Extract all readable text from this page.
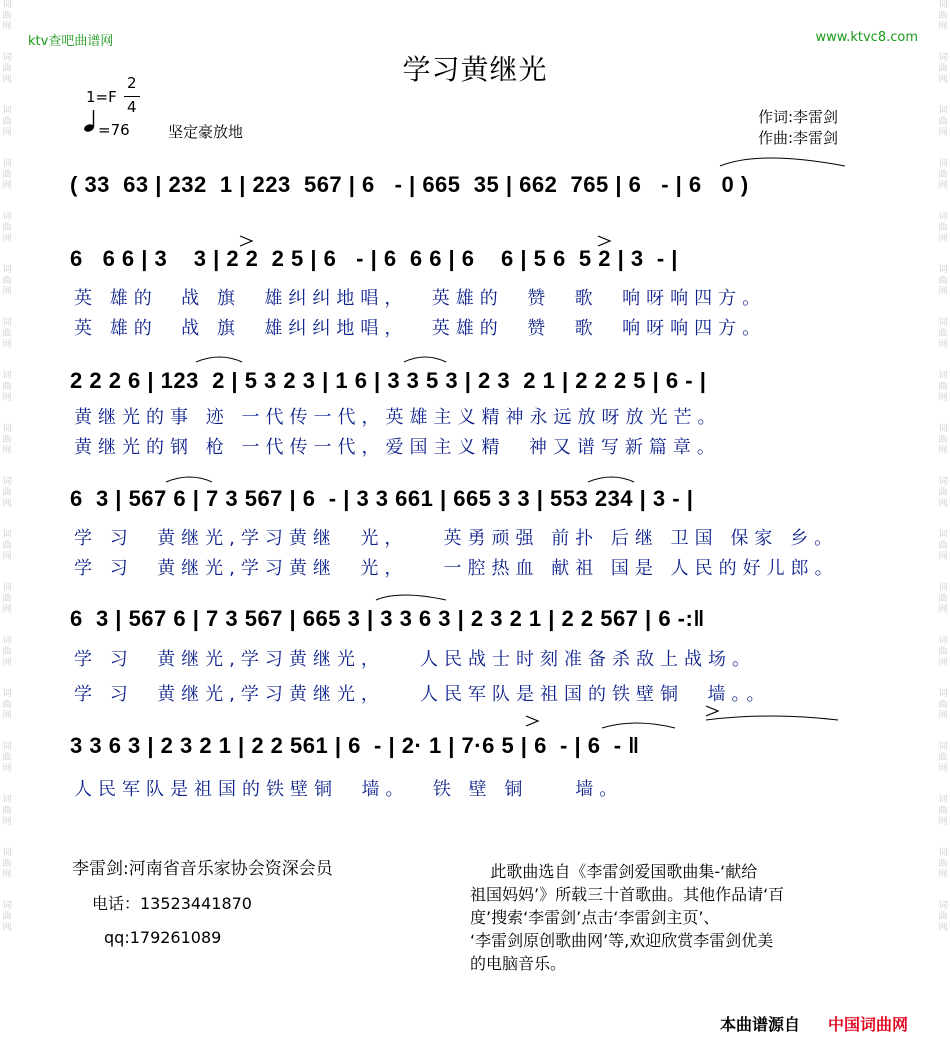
词曲网
词曲网
词曲网
词曲网
词曲网
词曲网
词曲网
词曲网
词曲网
词曲网
词曲网
词曲网
词曲网
词曲网
词曲网
词曲网
词曲网
词曲网
词曲网
词曲网
词曲网
词曲网
词曲网
词曲网
词曲网
词曲网
词曲网
词曲网
词曲网
词曲网
词曲网
词曲网
词曲网
词曲网
词曲网
词曲网
ktv查吧曲谱网	www.ktvc8.com
学习黄继光
1=F
2
4
=76	坚定豪放地
作词:李雷剑
作曲:李雷剑
( 33  63 | 232  1 | 223  567 | 6   - | 665  35 | 662  765 | 6   - | 6   0 )
6   6 6 | 3    3 | 2 2  2 5 | 6   - | 6  6 6 | 6    6 | 5 6  5 2 | 3  - |
英 雄的  战 旗  雄纠纠地唱，  英雄的  赞  歌  响呀响四方。
英 雄的  战 旗  雄纠纠地唱，  英雄的  赞  歌  响呀响四方。
2 2 2 6 | 123  2 | 5 3 2 3 | 1 6 | 3 3 5 3 | 2 3  2 1 | 2 2 2 5 | 6 - |
黄继光的事 迹 一代传一代，英雄主义精神永远放呀放光芒。
黄继光的钢 枪 一代传一代，爱国主义精  神又谱写新篇章。
6  3 | 567 6 | 7 3 567 | 6  - | 3 3 661 | 665 3 3 | 553 234 | 3 - |
学 习  黄继光,学习黄继  光，   英勇顽强 前扑 后继 卫国 保家 乡。
学 习  黄继光,学习黄继  光，   一腔热血 献祖 国是 人民的好儿郎。
6  3 | 567 6 | 7 3 567 | 665 3 | 3 3 6 3 | 2 3 2 1 | 2 2 567 | 6 -:‖
学 习  黄继光,学习黄继光，   人民战士时刻准备杀敌上战场。
学 习  黄继光,学习黄继光，   人民军队是祖国的铁壁铜  墙。。
3 3 6 3 | 2 3 2 1 | 2 2 561 | 6  - | 2· 1 | 7·6 5 | 6  - | 6  - ‖
人民军队是祖国的铁壁铜  墙。  铁 壁 铜    墙。
李雷剑:河南省音乐家协会资深会员
电话：13523441870
qq:179261089
此歌曲选自《李雷剑爱国歌曲集-‘献给
祖国妈妈’》所载三十首歌曲。其他作品请‘百
度’搜索‘李雷剑’点击‘李雷剑主页’、
‘李雷剑原创歌曲网’等,欢迎欣赏李雷剑优美
的电脑音乐。
本曲谱源自 中国词曲网
